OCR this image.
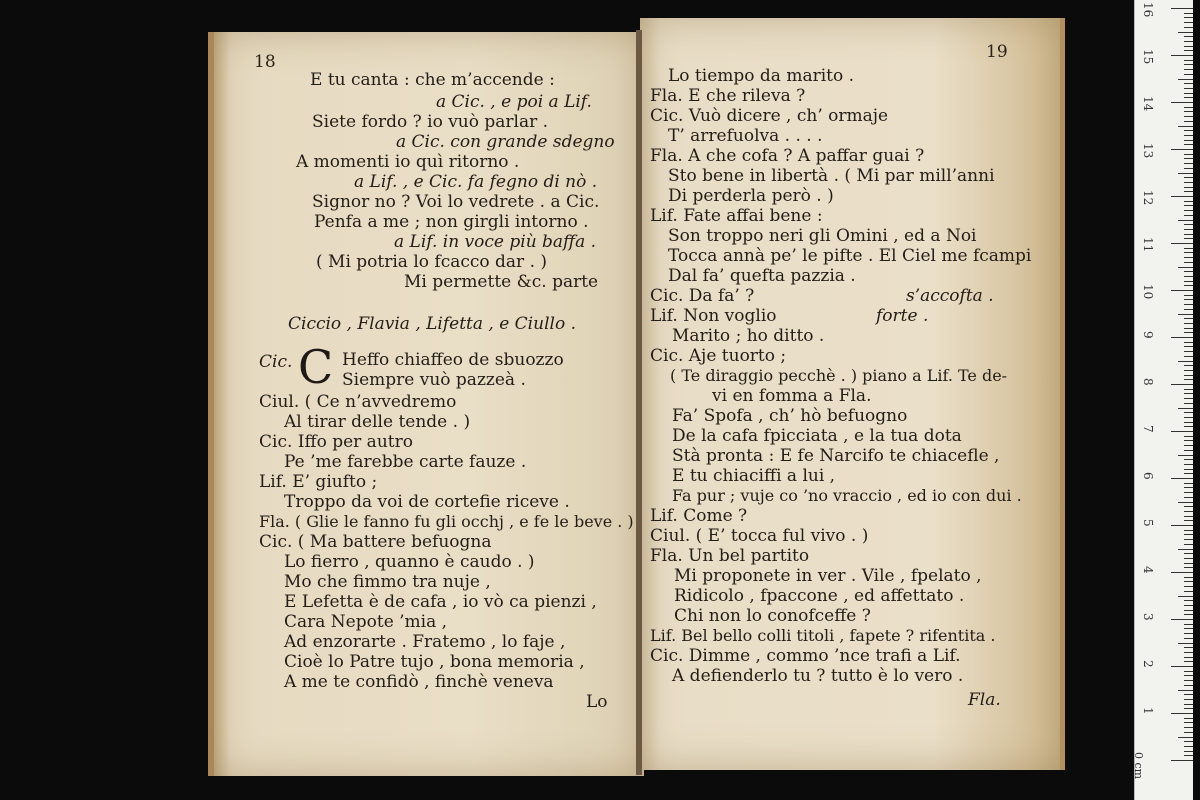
18
E tu canta : che m’accende :
a Cic. , e poi a Lif.
Siete fordo ? io vuò parlar .
a Cic. con grande sdegno
A momenti io quì ritorno .
a Lif. , e Cic. fa fegno di nò .
Signor no ? Voi lo vedrete . a Cic.
Penfa a me ; non girgli intorno .
a Lif. in voce più baffa .
( Mi potria lo fcacco dar . )
Mi permette &c. parte
Ciccio , Flavia , Lifetta , e Ciullo .
Cic. C Heffo chiaffeo de sbuozzo
Siempre vuò pazzeà .
Ciul. ( Ce n’avvedremo
Al tirar delle tende . )
Cic. Iffo per autro
Pe ’me farebbe carte fauze .
Lif. E’ giufto ;
Troppo da voi de cortefie riceve .
Fla. ( Glie le fanno fu gli occhj , e fe le beve . )
Cic. ( Ma battere befuogna
Lo fierro , quanno è caudo . )
Mo che fimmo tra nuje ,
E Lefetta è de cafa , io vò ca pienzi ,
Cara Nepote ’mia ,
Ad enzorarte . Fratemo , lo faje ,
Cioè lo Patre tujo , bona memoria ,
A me te confidò , finchè veneva
Lo
19
Lo tiempo da marito .
Fla. E che rileva ?
Cic. Vuò dicere , ch’ ormaje
T’ arrefuolva . . . .
Fla. A che cofa ? A paffar guai ?
Sto bene in libertà . ( Mi par mill’anni
Di perderla però . )
Lif. Fate affai bene :
Son troppo neri gli Omini , ed a Noi
Tocca annà pe’ le pifte . El Ciel me fcampi
Dal fa’ quefta pazzia .
Cic. Da fa’ ?	s’accofta .
Lif. Non voglio	forte .
Marito ; ho ditto .
Cic. Aje tuorto ;
( Te diraggio pecchè . ) piano a Lif. Te de-
vi en fomma a Fla.
Fa’ Spofa , ch’ hò befuogno
De la cafa fpicciata , e la tua dota
Stà pronta : E fe Narcifo te chiacefle ,
E tu chiaciffi a lui ,
Fa pur ; vuje co ’no vraccio , ed io con dui .
Lif. Come ?
Ciul. ( E’ tocca ful vivo . )
Fla. Un bel partito
Mi proponete in ver . Vile , fpelato ,
Ridicolo , fpaccone , ed affettato .
Chi non lo conofceffe ?
Lif. Bel bello colli titoli , fapete ? rifentita .
Cic. Dimme , commo ’nce trafi a Lif.
A defienderlo tu ? tutto è lo vero .
Fla.
1
2
3
4
5
6
7
8
9
10
11
12
13
14
15
16
0 cm
